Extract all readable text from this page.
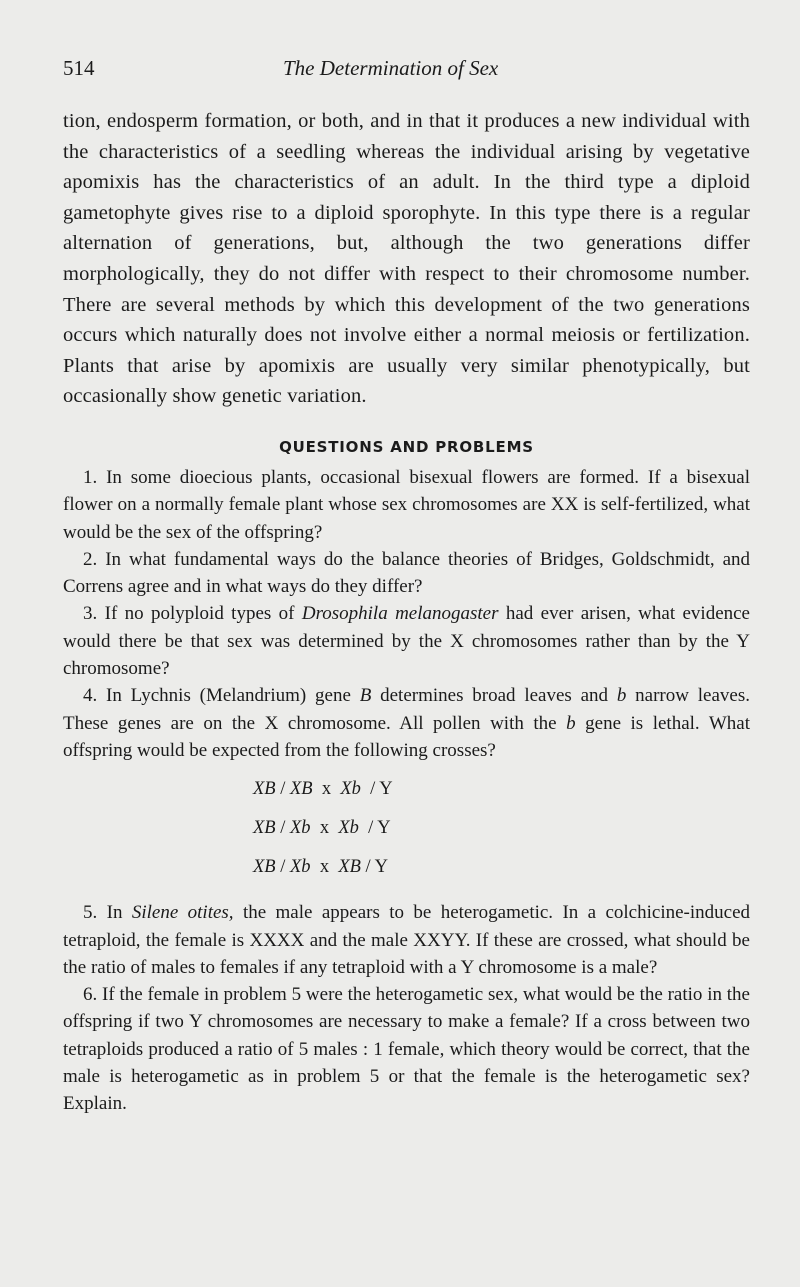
514	The Determination of Sex

tion, endosperm formation, or both, and in that it produces a new individual with the characteristics of a seedling whereas the individual arising by vegetative apomixis has the characteristics of an adult. In the third type a diploid gametophyte gives rise to a diploid sporophyte. In this type there is a regular alternation of generations, but, although the two generations differ morphologically, they do not differ with respect to their chromosome number. There are several methods by which this development of the two generations occurs which naturally does not involve either a normal meiosis or fertilization. Plants that arise by apomixis are usually very similar phenotypically, but occasionally show genetic variation.

QUESTIONS AND PROBLEMS

1. In some dioecious plants, occasional bisexual flowers are formed. If a bisexual flower on a normally female plant whose sex chromosomes are XX is self-fertilized, what would be the sex of the offspring?

2. In what fundamental ways do the balance theories of Bridges, Goldschmidt, and Correns agree and in what ways do they differ?

3. If no polyploid types of Drosophila melanogaster had ever arisen, what evidence would there be that sex was determined by the X chromosomes rather than by the Y chromosome?

4. In Lychnis (Melandrium) gene B determines broad leaves and b narrow leaves. These genes are on the X chromosome. All pollen with the b gene is lethal. What offspring would be expected from the following crosses?

XB / XB  x  Xb  / Y
XB / Xb  x  Xb  / Y
XB / Xb  x  XB / Y

5. In Silene otites, the male appears to be heterogametic. In a colchicine-induced tetraploid, the female is XXXX and the male XXYY. If these are crossed, what should be the ratio of males to females if any tetraploid with a Y chromosome is a male?

6. If the female in problem 5 were the heterogametic sex, what would be the ratio in the offspring if two Y chromosomes are necessary to make a female? If a cross between two tetraploids produced a ratio of 5 males : 1 female, which theory would be correct, that the male is heterogametic as in problem 5 or that the female is the heterogametic sex? Explain.
